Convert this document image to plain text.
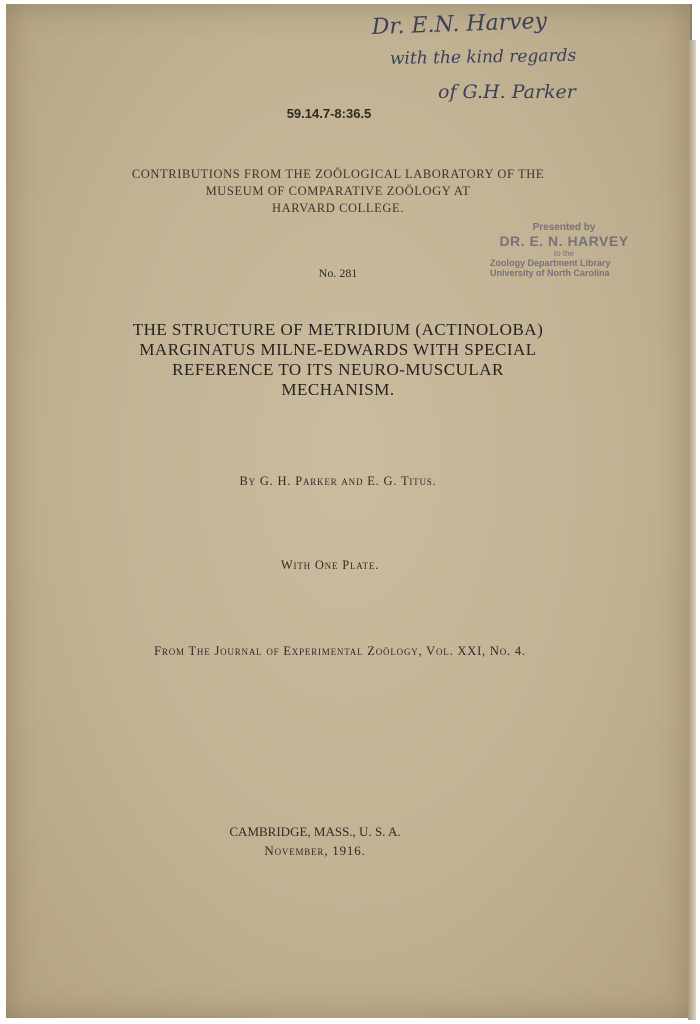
Dr. E.N. Harvey
with the kind regards
of G.H. Parker
59.14.7-8:36.5
CONTRIBUTIONS FROM THE ZOÖLOGICAL LABORATORY OF THE
MUSEUM OF COMPARATIVE ZOÖLOGY AT
HARVARD COLLEGE.
Presented by
DR. E. N. HARVEY
to the
Zoology Department Library
University of North Carolina
No. 281
THE STRUCTURE OF METRIDIUM (ACTINOLOBA)
MARGINATUS MILNE-EDWARDS WITH SPECIAL
REFERENCE TO ITS NEURO-MUSCULAR
MECHANISM.
By G. H. Parker and E. G. Titus.
With One Plate.
From The Journal of Experimental Zoölogy, Vol. XXI, No. 4.
CAMBRIDGE, MASS., U. S. A.
November, 1916.
